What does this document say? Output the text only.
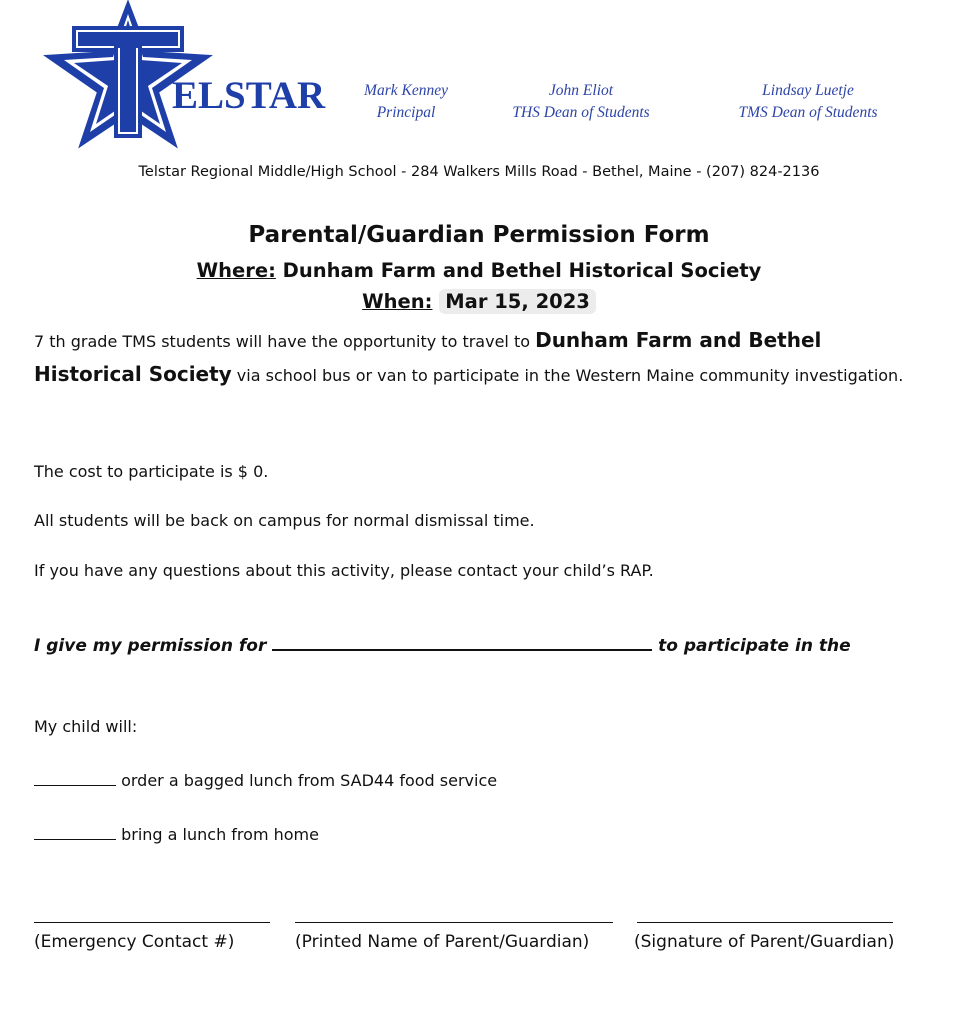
ELSTAR	Mark Kenney
Principal
John Eliot
THS Dean of Students
Lindsay Luetje
TMS Dean of Students
Telstar Regional Middle/High School - 284 Walkers Mills Road - Bethel, Maine - (207) 824-2136
Parental/Guardian Permission Form
Where: Dunham Farm and Bethel Historical Society
When: Mar 15, 2023
7 th grade TMS students will have the opportunity to travel to Dunham Farm and Bethel Historical Society via school bus or van to participate in the Western Maine community investigation.
The cost to participate is $ 0.
All students will be back on campus for normal dismissal time.
If you have any questions about this activity, please contact your child’s RAP.
I give my permission for	to participate in the
My child will:
order a bagged lunch from SAD44 food service
bring a lunch from home
(Emergency Contact #)	(Printed Name of Parent/Guardian)	(Signature of Parent/Guardian)
